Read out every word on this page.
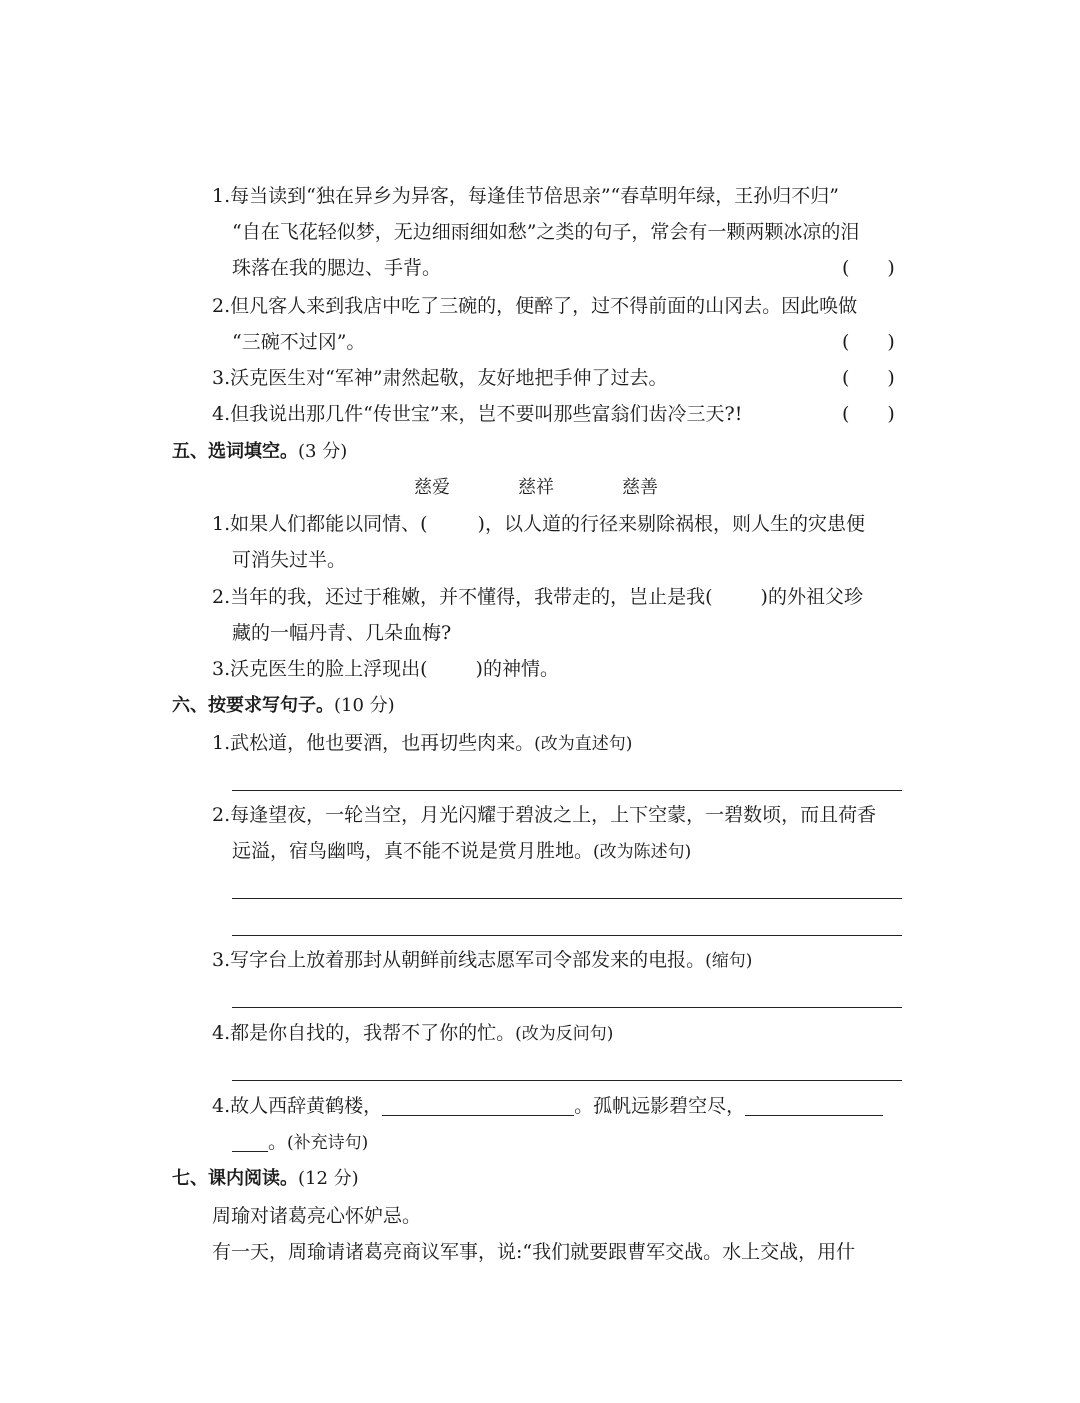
1.每当读到“独在异乡为异客，每逢佳节倍思亲”“春草明年绿，王孙归不归”
“自在飞花轻似梦，无边细雨细如愁”之类的句子，常会有一颗两颗冰凉的泪
珠落在我的腮边、手背。	(　　)
2.但凡客人来到我店中吃了三碗的，便醉了，过不得前面的山冈去。因此唤做
“三碗不过冈”。	(　　)
3.沃克医生对“军神”肃然起敬，友好地把手伸了过去。	(　　)
4.但我说出那几件“传世宝”来，岂不要叫那些富翁们齿冷三天?!	(　　)
五、选词填空。(3 分)
慈爱	慈祥	慈善
1.如果人们都能以同情、(	)，以人道的行径来剔除祸根，则人生的灾患便
可消失过半。
2.当年的我，还过于稚嫩，并不懂得，我带走的，岂止是我(	)的外祖父珍
藏的一幅丹青、几朵血梅?
3.沃克医生的脸上浮现出(	)的神情。
六、按要求写句子。(10 分)
1.武松道，他也要酒，也再切些肉来。(改为直述句)
2.每逢望夜，一轮当空，月光闪耀于碧波之上，上下空蒙，一碧数顷，而且荷香
远溢，宿鸟幽鸣，真不能不说是赏月胜地。(改为陈述句)
3.写字台上放着那封从朝鲜前线志愿军司令部发来的电报。(缩句)
4.都是你自找的，我帮不了你的忙。(改为反问句)
4.故人西辞黄鹤楼，	。孤帆远影碧空尽，
。(补充诗句)
七、课内阅读。(12 分)
周瑜对诸葛亮心怀妒忌。
有一天，周瑜请诸葛亮商议军事，说:“我们就要跟曹军交战。水上交战，用什
